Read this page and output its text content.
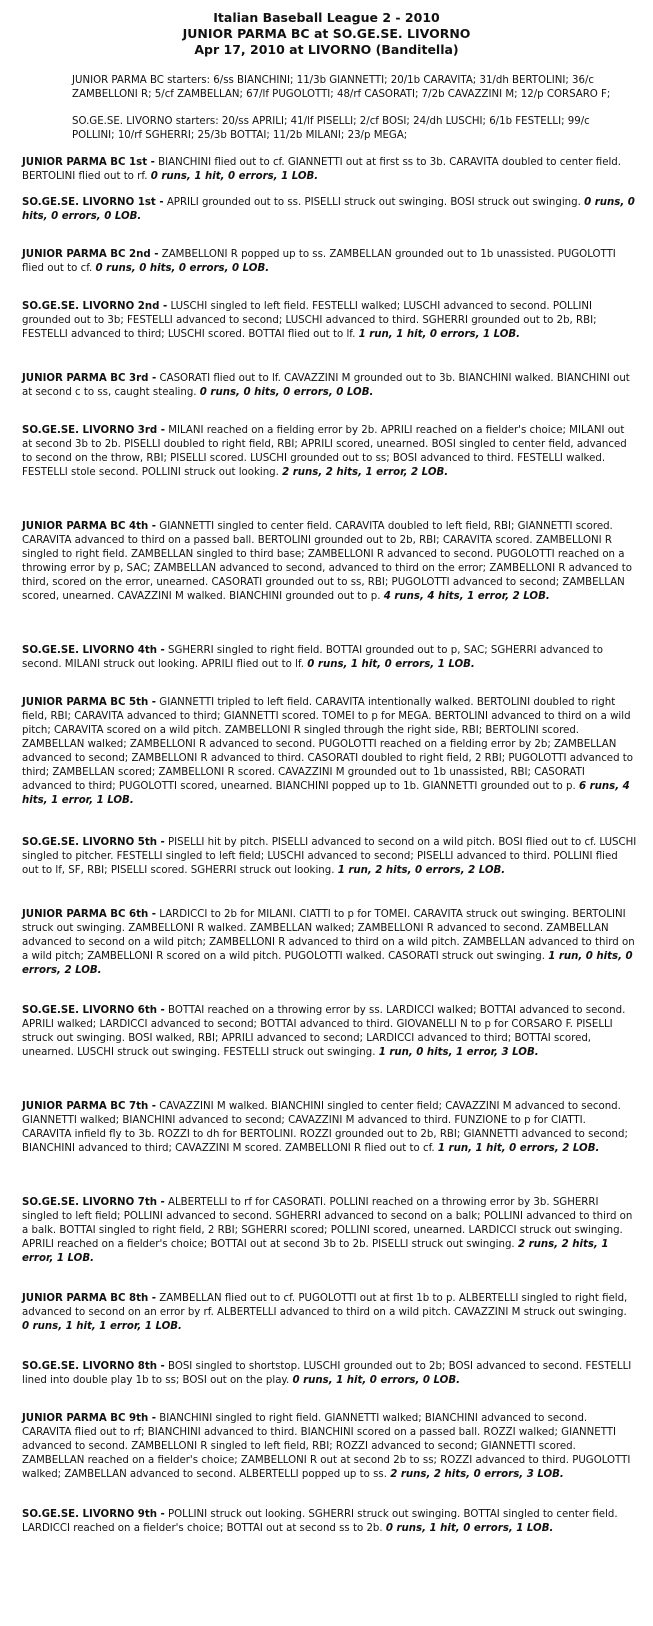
Italian Baseball League 2 - 2010
JUNIOR PARMA BC at SO.GE.SE. LIVORNO
Apr 17, 2010 at LIVORNO (Banditella)

JUNIOR PARMA BC starters: 6/ss BIANCHINI; 11/3b GIANNETTI; 20/1b CARAVITA; 31/dh BERTOLINI; 36/c ZAMBELLONI R; 5/cf ZAMBELLAN; 67/lf PUGOLOTTI; 48/rf CASORATI; 7/2b CAVAZZINI M; 12/p CORSARO F;

SO.GE.SE. LIVORNO starters: 20/ss APRILI; 41/lf PISELLI; 2/cf BOSI; 24/dh LUSCHI; 6/1b FESTELLI; 99/c POLLINI; 10/rf SGHERRI; 25/3b BOTTAI; 11/2b MILANI; 23/p MEGA;

JUNIOR PARMA BC 1st - BIANCHINI flied out to cf. GIANNETTI out at first ss to 3b. CARAVITA doubled to center field. BERTOLINI flied out to rf. 0 runs, 1 hit, 0 errors, 1 LOB.

SO.GE.SE. LIVORNO 1st - APRILI grounded out to ss. PISELLI struck out swinging. BOSI struck out swinging. 0 runs, 0 hits, 0 errors, 0 LOB.

JUNIOR PARMA BC 2nd - ZAMBELLONI R popped up to ss. ZAMBELLAN grounded out to 1b unassisted. PUGOLOTTI flied out to cf. 0 runs, 0 hits, 0 errors, 0 LOB.

SO.GE.SE. LIVORNO 2nd - LUSCHI singled to left field. FESTELLI walked; LUSCHI advanced to second. POLLINI grounded out to 3b; FESTELLI advanced to second; LUSCHI advanced to third. SGHERRI grounded out to 2b, RBI; FESTELLI advanced to third; LUSCHI scored. BOTTAI flied out to lf. 1 run, 1 hit, 0 errors, 1 LOB.

JUNIOR PARMA BC 3rd - CASORATI flied out to lf. CAVAZZINI M grounded out to 3b. BIANCHINI walked. BIANCHINI out at second c to ss, caught stealing. 0 runs, 0 hits, 0 errors, 0 LOB.

SO.GE.SE. LIVORNO 3rd - MILANI reached on a fielding error by 2b. APRILI reached on a fielder's choice; MILANI out at second 3b to 2b. PISELLI doubled to right field, RBI; APRILI scored, unearned. BOSI singled to center field, advanced to second on the throw, RBI; PISELLI scored. LUSCHI grounded out to ss; BOSI advanced to third. FESTELLI walked. FESTELLI stole second. POLLINI struck out looking. 2 runs, 2 hits, 1 error, 2 LOB.

JUNIOR PARMA BC 4th - GIANNETTI singled to center field. CARAVITA doubled to left field, RBI; GIANNETTI scored. CARAVITA advanced to third on a passed ball. BERTOLINI grounded out to 2b, RBI; CARAVITA scored. ZAMBELLONI R singled to right field. ZAMBELLAN singled to third base; ZAMBELLONI R advanced to second. PUGOLOTTI reached on a throwing error by p, SAC; ZAMBELLAN advanced to second, advanced to third on the error; ZAMBELLONI R advanced to third, scored on the error, unearned. CASORATI grounded out to ss, RBI; PUGOLOTTI advanced to second; ZAMBELLAN scored, unearned. CAVAZZINI M walked. BIANCHINI grounded out to p. 4 runs, 4 hits, 1 error, 2 LOB.

SO.GE.SE. LIVORNO 4th - SGHERRI singled to right field. BOTTAI grounded out to p, SAC; SGHERRI advanced to second. MILANI struck out looking. APRILI flied out to lf. 0 runs, 1 hit, 0 errors, 1 LOB.

JUNIOR PARMA BC 5th - GIANNETTI tripled to left field. CARAVITA intentionally walked. BERTOLINI doubled to right field, RBI; CARAVITA advanced to third; GIANNETTI scored. TOMEI to p for MEGA. BERTOLINI advanced to third on a wild pitch; CARAVITA scored on a wild pitch. ZAMBELLONI R singled through the right side, RBI; BERTOLINI scored. ZAMBELLAN walked; ZAMBELLONI R advanced to second. PUGOLOTTI reached on a fielding error by 2b; ZAMBELLAN advanced to second; ZAMBELLONI R advanced to third. CASORATI doubled to right field, 2 RBI; PUGOLOTTI advanced to third; ZAMBELLAN scored; ZAMBELLONI R scored. CAVAZZINI M grounded out to 1b unassisted, RBI; CASORATI advanced to third; PUGOLOTTI scored, unearned. BIANCHINI popped up to 1b. GIANNETTI grounded out to p. 6 runs, 4 hits, 1 error, 1 LOB.

SO.GE.SE. LIVORNO 5th - PISELLI hit by pitch. PISELLI advanced to second on a wild pitch. BOSI flied out to cf. LUSCHI singled to pitcher. FESTELLI singled to left field; LUSCHI advanced to second; PISELLI advanced to third. POLLINI flied out to lf, SF, RBI; PISELLI scored. SGHERRI struck out looking. 1 run, 2 hits, 0 errors, 2 LOB.

JUNIOR PARMA BC 6th - LARDICCI to 2b for MILANI. CIATTI to p for TOMEI. CARAVITA struck out swinging. BERTOLINI struck out swinging. ZAMBELLONI R walked. ZAMBELLAN walked; ZAMBELLONI R advanced to second. ZAMBELLAN advanced to second on a wild pitch; ZAMBELLONI R advanced to third on a wild pitch. ZAMBELLAN advanced to third on a wild pitch; ZAMBELLONI R scored on a wild pitch. PUGOLOTTI walked. CASORATI struck out swinging. 1 run, 0 hits, 0 errors, 2 LOB.

SO.GE.SE. LIVORNO 6th - BOTTAI reached on a throwing error by ss. LARDICCI walked; BOTTAI advanced to second. APRILI walked; LARDICCI advanced to second; BOTTAI advanced to third. GIOVANELLI N to p for CORSARO F. PISELLI struck out swinging. BOSI walked, RBI; APRILI advanced to second; LARDICCI advanced to third; BOTTAI scored, unearned. LUSCHI struck out swinging. FESTELLI struck out swinging. 1 run, 0 hits, 1 error, 3 LOB.

JUNIOR PARMA BC 7th - CAVAZZINI M walked. BIANCHINI singled to center field; CAVAZZINI M advanced to second. GIANNETTI walked; BIANCHINI advanced to second; CAVAZZINI M advanced to third. FUNZIONE to p for CIATTI. CARAVITA infield fly to 3b. ROZZI to dh for BERTOLINI. ROZZI grounded out to 2b, RBI; GIANNETTI advanced to second; BIANCHINI advanced to third; CAVAZZINI M scored. ZAMBELLONI R flied out to cf. 1 run, 1 hit, 0 errors, 2 LOB.

SO.GE.SE. LIVORNO 7th - ALBERTELLI to rf for CASORATI. POLLINI reached on a throwing error by 3b. SGHERRI singled to left field; POLLINI advanced to second. SGHERRI advanced to second on a balk; POLLINI advanced to third on a balk. BOTTAI singled to right field, 2 RBI; SGHERRI scored; POLLINI scored, unearned. LARDICCI struck out swinging. APRILI reached on a fielder's choice; BOTTAI out at second 3b to 2b. PISELLI struck out swinging. 2 runs, 2 hits, 1 error, 1 LOB.

JUNIOR PARMA BC 8th - ZAMBELLAN flied out to cf. PUGOLOTTI out at first 1b to p. ALBERTELLI singled to right field, advanced to second on an error by rf. ALBERTELLI advanced to third on a wild pitch. CAVAZZINI M struck out swinging. 0 runs, 1 hit, 1 error, 1 LOB.

SO.GE.SE. LIVORNO 8th - BOSI singled to shortstop. LUSCHI grounded out to 2b; BOSI advanced to second. FESTELLI lined into double play 1b to ss; BOSI out on the play. 0 runs, 1 hit, 0 errors, 0 LOB.

JUNIOR PARMA BC 9th - BIANCHINI singled to right field. GIANNETTI walked; BIANCHINI advanced to second. CARAVITA flied out to rf; BIANCHINI advanced to third. BIANCHINI scored on a passed ball. ROZZI walked; GIANNETTI advanced to second. ZAMBELLONI R singled to left field, RBI; ROZZI advanced to second; GIANNETTI scored. ZAMBELLAN reached on a fielder's choice; ZAMBELLONI R out at second 2b to ss; ROZZI advanced to third. PUGOLOTTI walked; ZAMBELLAN advanced to second. ALBERTELLI popped up to ss. 2 runs, 2 hits, 0 errors, 3 LOB.

SO.GE.SE. LIVORNO 9th - POLLINI struck out looking. SGHERRI struck out swinging. BOTTAI singled to center field. LARDICCI reached on a fielder's choice; BOTTAI out at second ss to 2b. 0 runs, 1 hit, 0 errors, 1 LOB.
